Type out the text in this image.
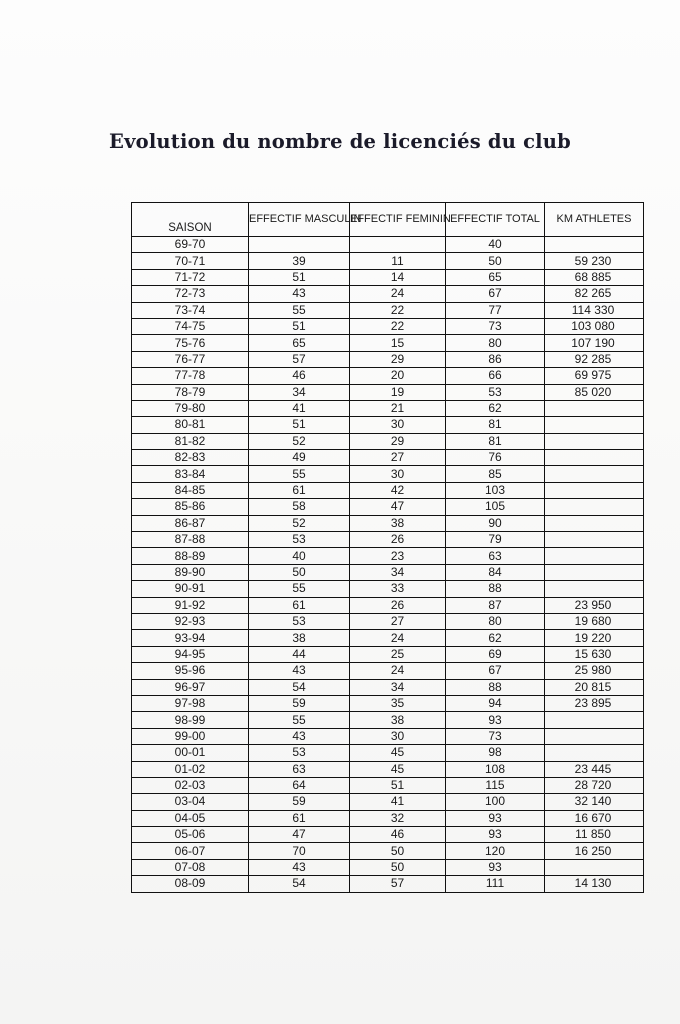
Evolution du nombre de licenciés du club
SAISON	EFFECTIF MASCULIN	EFFECTIF FEMININ	EFFECTIF TOTAL	KM ATHLETES
69-70			40	
70-71	39	11	50	59 230
71-72	51	14	65	68 885
72-73	43	24	67	82 265
73-74	55	22	77	114 330
74-75	51	22	73	103 080
75-76	65	15	80	107 190
76-77	57	29	86	92 285
77-78	46	20	66	69 975
78-79	34	19	53	85 020
79-80	41	21	62	
80-81	51	30	81	
81-82	52	29	81	
82-83	49	27	76	
83-84	55	30	85	
84-85	61	42	103	
85-86	58	47	105	
86-87	52	38	90	
87-88	53	26	79	
88-89	40	23	63	
89-90	50	34	84	
90-91	55	33	88	
91-92	61	26	87	23 950
92-93	53	27	80	19 680
93-94	38	24	62	19 220
94-95	44	25	69	15 630
95-96	43	24	67	25 980
96-97	54	34	88	20 815
97-98	59	35	94	23 895
98-99	55	38	93	
99-00	43	30	73	
00-01	53	45	98	
01-02	63	45	108	23 445
02-03	64	51	115	28 720
03-04	59	41	100	32 140
04-05	61	32	93	16 670
05-06	47	46	93	11 850
06-07	70	50	120	16 250
07-08	43	50	93	
08-09	54	57	111	14 130
